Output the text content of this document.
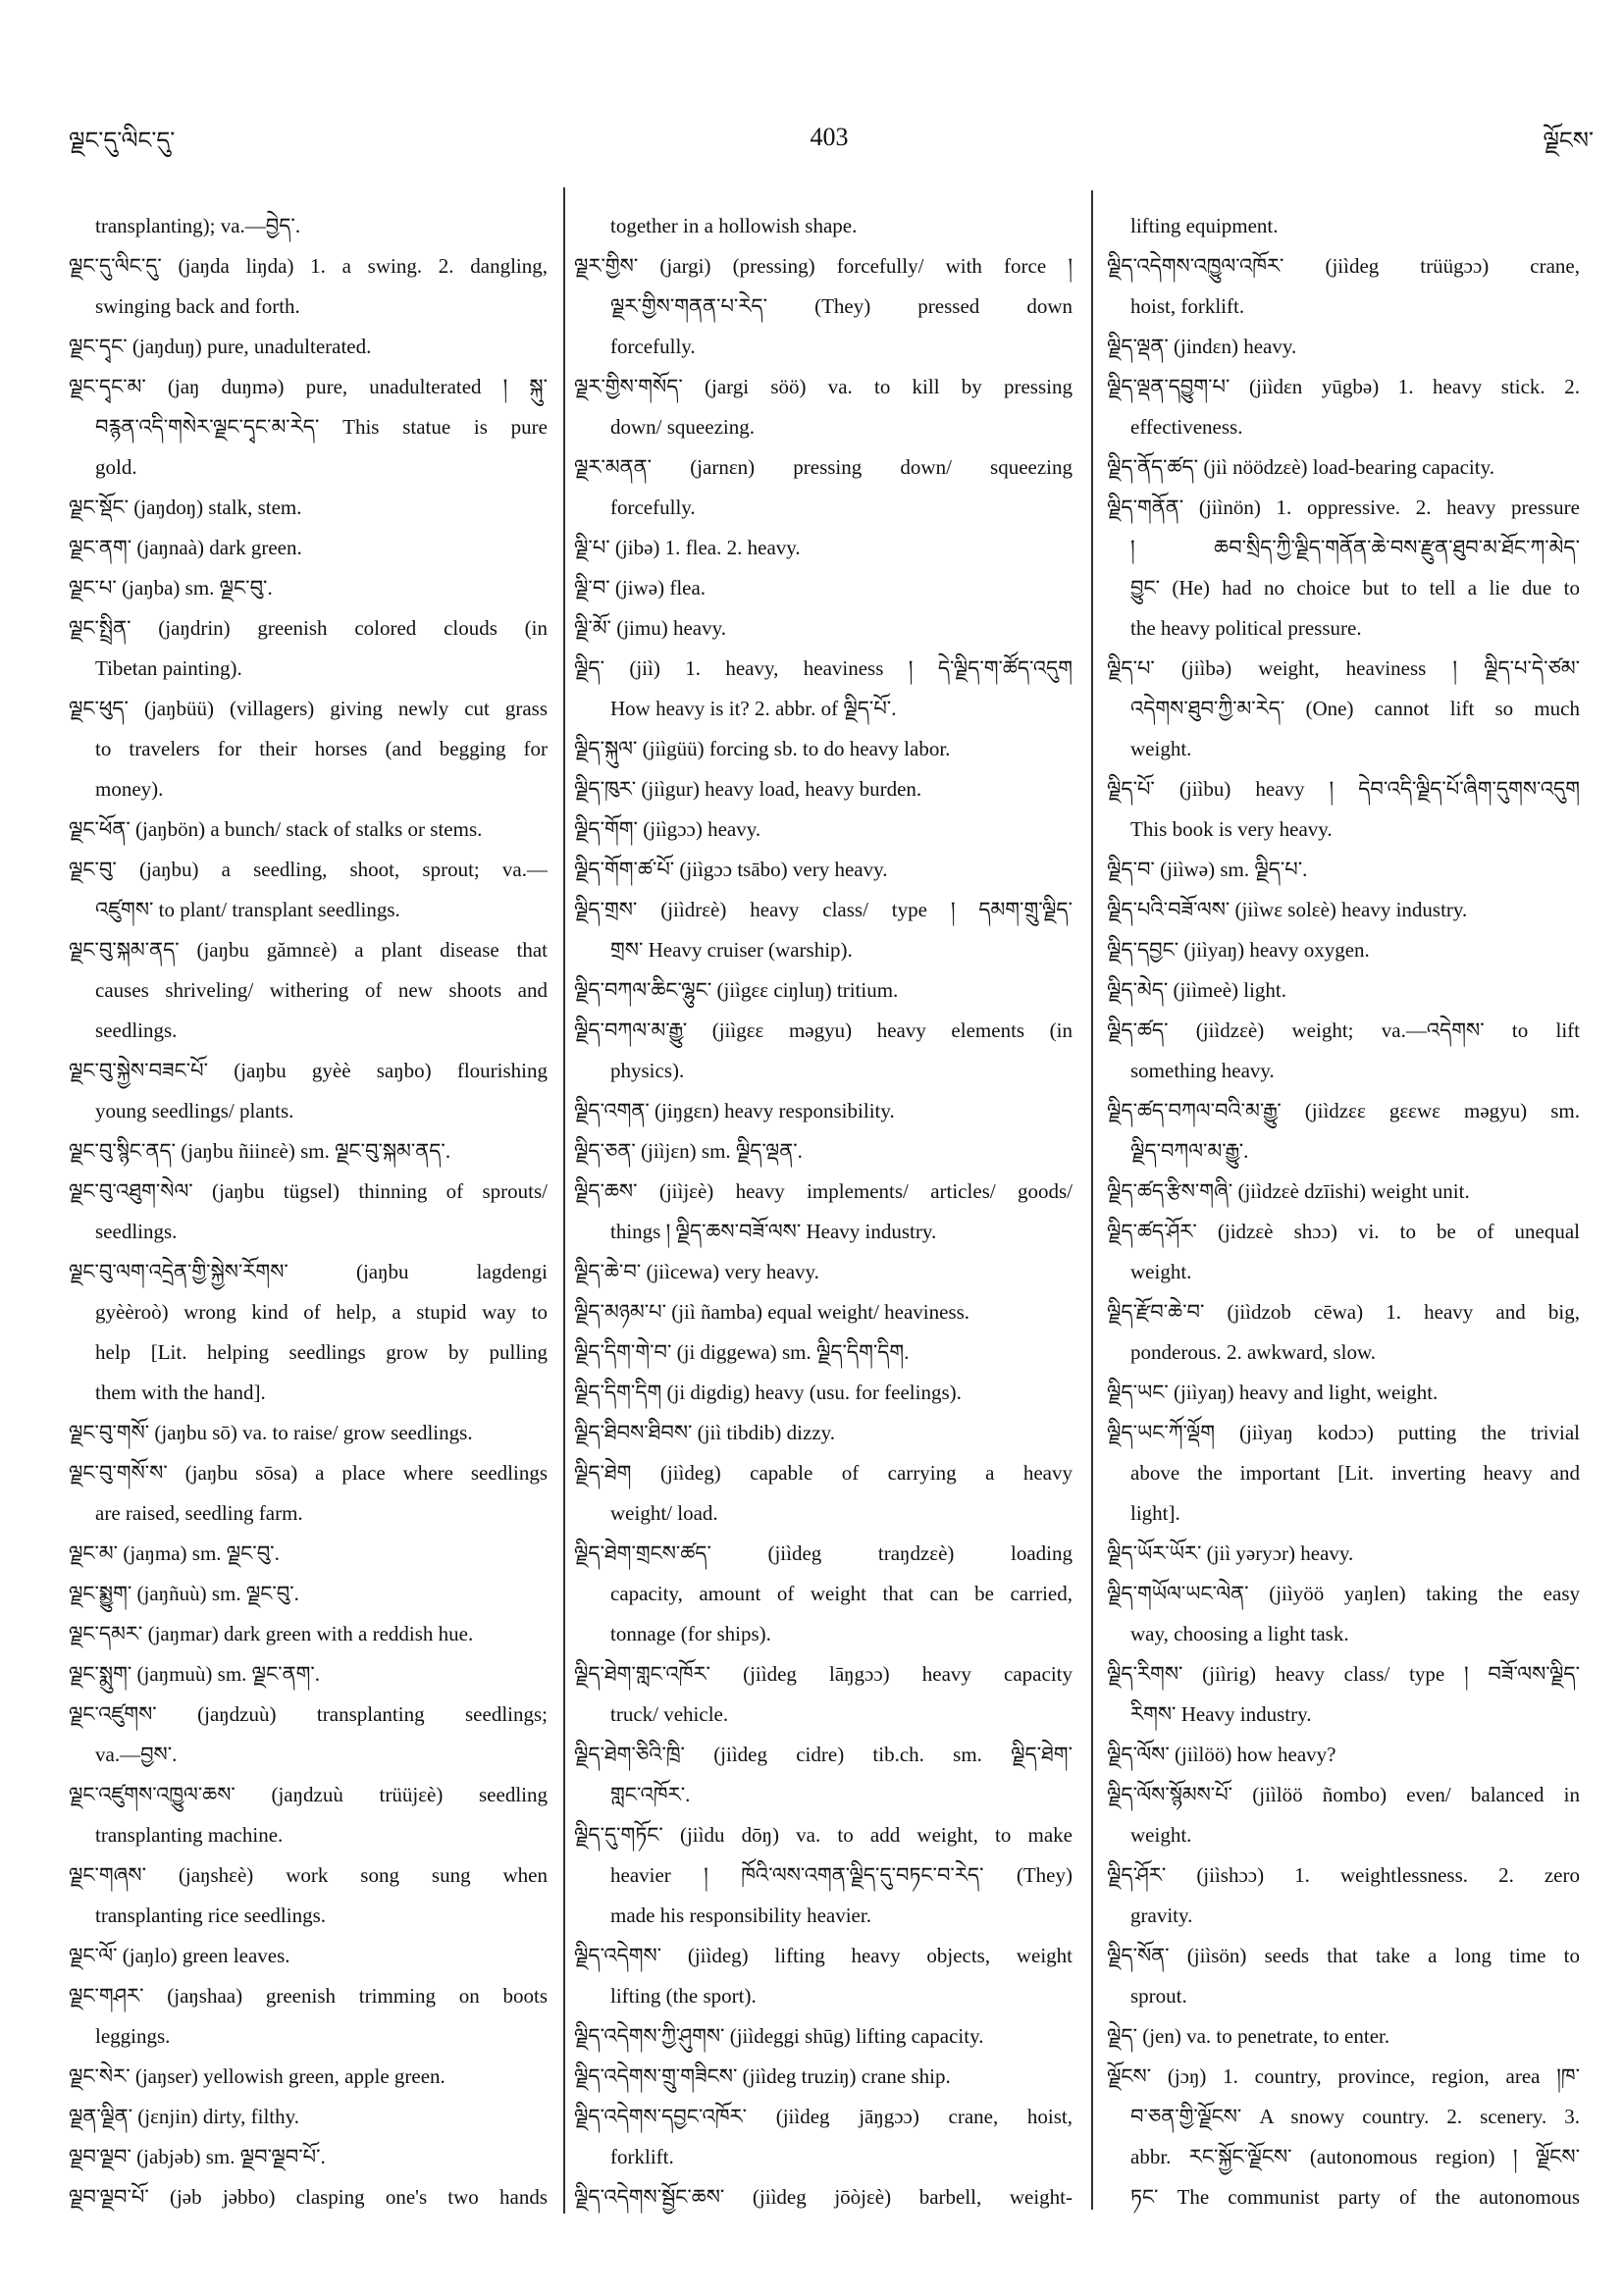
ལྗང་དུ་ལིང་དུ་	403	ལྗོངས་
transplanting); va.—བྱེད་.
ལྗང་དུ་ལིང་དུ་ (jaŋda liŋda) 1. a swing. 2. dangling,
swinging back and forth.
ལྗང་དྭང་ (jaŋduŋ) pure, unadulterated.
ལྗང་དྭང་མ་ (jaŋ duŋmə) pure, unadulterated ། སྐུ་
བརྙན་འདི་གསེར་ལྗང་དྭང་མ་རེད་ This statue is pure
gold.
ལྗང་སྡོང་ (jaŋdoŋ) stalk, stem.
ལྗང་ནག་ (jaŋnaà) dark green.
ལྗང་པ་ (jaŋba) sm. ལྗང་བུ་.
ལྗང་སྤྲིན་ (jaŋdrin) greenish colored clouds (in
Tibetan painting).
ལྗང་ཕུད་ (jaŋbüü) (villagers) giving newly cut grass
to travelers for their horses (and begging for
money).
ལྗང་ཕོན་ (jaŋbön) a bunch/ stack of stalks or stems.
ལྗང་བུ་ (jaŋbu) a seedling, shoot, sprout; va.—
འཛུགས་ to plant/ transplant seedlings.
ལྗང་བུ་སྐམ་ནད་ (jaŋbu gămnɛè) a plant disease that
causes shriveling/ withering of new shoots and
seedlings.
ལྗང་བུ་སྐྱེས་བཟང་པོ་ (jaŋbu gyèè saŋbo) flourishing
young seedlings/ plants.
ལྗང་བུ་སྙིང་ནད་ (jaŋbu ñiinɛè) sm. ལྗང་བུ་སྐམ་ནད་.
ལྗང་བུ་འཐུག་སེལ་ (jaŋbu tügsel) thinning of sprouts/
seedlings.
ལྗང་བུ་ལག་འདྲེན་གྱི་སྐྱེས་རོགས་ (jaŋbu lagdengi
gyèèroò) wrong kind of help, a stupid way to
help [Lit. helping seedlings grow by pulling
them with the hand].
ལྗང་བུ་གསོ་ (jaŋbu sō) va. to raise/ grow seedlings.
ལྗང་བུ་གསོ་ས་ (jaŋbu sōsa) a place where seedlings
are raised, seedling farm.
ལྗང་མ་ (jaŋma) sm. ལྗང་བུ་.
ལྗང་སྨྱུག་ (jaŋñuù) sm. ལྗང་བུ་.
ལྗང་དམར་ (jaŋmar) dark green with a reddish hue.
ལྗང་སྨུག་ (jaŋmuù) sm. ལྗང་ནག་.
ལྗང་འཛུགས་ (jaŋdzuù) transplanting seedlings;
va.—བྱས་.
ལྗང་འཛུགས་འཁྱུལ་ཆས་ (jaŋdzuù trüüjɛè) seedling
transplanting machine.
ལྗང་གཞས་ (jaŋshɛè) work song sung when
transplanting rice seedlings.
ལྗང་ལོ་ (jaŋlo) green leaves.
ལྗང་གཤར་ (jaŋshaa) greenish trimming on boots
leggings.
ལྗང་སེར་ (jaŋser) yellowish green, apple green.
ལྗན་ལྗིན་ (jɛnjin) dirty, filthy.
ལྗབ་ལྗབ་ (jabjəb) sm. ལྗབ་ལྗབ་པོ་.
ལྗབ་ལྗབ་པོ་ (jəb jəbbo) clasping one's two hands
together in a hollowish shape.
ལྗར་གྱིས་ (jargi) (pressing) forcefully/ with force །
ལྗར་གྱིས་གནན་པ་རེད་ (They) pressed down
forcefully.
ལྗར་གྱིས་གསོད་ (jargi söö) va. to kill by pressing
down/ squeezing.
ལྗར་མནན་ (jarnɛn) pressing down/ squeezing
forcefully.
ལྗི་པ་ (jibə) 1. flea. 2. heavy.
ལྗི་བ་ (jiwə) flea.
ལྗི་མོ་ (jimu) heavy.
ལྗིད་ (jiì) 1. heavy, heaviness ། དེ་ལྗིད་ག་ཚོད་འདུག
How heavy is it? 2. abbr. of ལྗིད་པོ་.
ལྗིད་སྐུལ་ (jiìgüü) forcing sb. to do heavy labor.
ལྗིད་ཁུར་ (jiìgur) heavy load, heavy burden.
ལྗིད་གོག་ (jiìgɔɔ) heavy.
ལྗིད་གོག་ཚ་པོ་ (jiìgɔɔ tsābo) very heavy.
ལྗིད་གྲས་ (jiìdrɛè) heavy class/ type ། དམག་གྲུ་ལྗིད་
གྲས་ Heavy cruiser (warship).
ལྗིད་བཀལ་ཆིང་ལྷུང་ (jiìgɛɛ ciŋluŋ) tritium.
ལྗིད་བཀལ་མ་རྒྱུ་ (jiìgɛɛ məgyu) heavy elements (in
physics).
ལྗིད་འགན་ (jiŋgɛn) heavy responsibility.
ལྗིད་ཅན་ (jiìjɛn) sm. ལྗིད་ལྡན་.
ལྗིད་ཆས་ (jiìjɛè) heavy implements/ articles/ goods/
things ། ལྗིད་ཆས་བཟོ་ལས་ Heavy industry.
ལྗིད་ཆེ་བ་ (jiìcewa) very heavy.
ལྗིད་མཉམ་པ་ (jiì ñamba) equal weight/ heaviness.
ལྗིད་དིག་གེ་བ་ (ji diggewa) sm. ལྗིད་དིག་དིག.
ལྗིད་དིག་དིག (ji digdig) heavy (usu. for feelings).
ལྗིད་ཐིབས་ཐིབས་ (jiì tibdib) dizzy.
ལྗིད་ཐེག (jiìdeg) capable of carrying a heavy
weight/ load.
ལྗིད་ཐེག་གྲངས་ཚད་ (jiìdeg traŋdzɛè) loading
capacity, amount of weight that can be carried,
tonnage (for ships).
ལྗིད་ཐེག་གླང་འཁོར་ (jiìdeg lāŋgɔɔ) heavy capacity
truck/ vehicle.
ལྗིད་ཐེག་ཅིའི་ཁྲི་ (jiìdeg cidre) tib.ch. sm. ལྗིད་ཐེག་
གླང་འཁོར་.
ལྗིད་དུ་གཏོང་ (jiìdu dōŋ) va. to add weight, to make
heavier ། ཁོའི་ལས་འགན་ལྗིད་དུ་བཏང་བ་རེད་ (They)
made his responsibility heavier.
ལྗིད་འདེགས་ (jiìdeg) lifting heavy objects, weight
lifting (the sport).
ལྗིད་འདེགས་ཀྱི་ཤུགས་ (jiìdeggi shūg) lifting capacity.
ལྗིད་འདེགས་གྲུ་གཟིངས་ (jiìdeg truziŋ) crane ship.
ལྗིད་འདེགས་དབྱང་འཁོར་ (jiìdeg jāŋgɔɔ) crane, hoist,
forklift.
ལྗིད་འདེགས་སྦྱོང་ཆས་ (jiìdeg jōòjɛè) barbell, weight-
lifting equipment.
ལྗིད་འདེགས་འཁྱུལ་འཁོར་ (jiìdeg trüügɔɔ) crane,
hoist, forklift.
ལྗིད་ལྡན་ (jindɛn) heavy.
ལྗིད་ལྡན་དབྱུག་པ་ (jiìdɛn yūgbə) 1. heavy stick. 2.
effectiveness.
ལྗིད་ནོད་ཚད་ (jiì nöödzɛè) load-bearing capacity.
ལྗིད་གནོན་ (jiìnön) 1. oppressive. 2. heavy pressure
། ཆབ་སྲིད་ཀྱི་ལྗིད་གནོན་ཆེ་བས་རྫུན་ཐུབ་མ་ཐོང་ཀ་མེད་
བྱུང་ (He) had no choice but to tell a lie due to
the heavy political pressure.
ལྗིད་པ་ (jiìbə) weight, heaviness ། ལྗིད་པ་དེ་ཙམ་
འདེགས་ཐུབ་ཀྱི་མ་རེད་ (One) cannot lift so much
weight.
ལྗིད་པོ་ (jiìbu) heavy ། དེབ་འདི་ལྗིད་པོ་ཞིག་དུགས་འདུག
This book is very heavy.
ལྗིད་བ་ (jiìwə) sm. ལྗིད་པ་.
ལྗིད་པའི་བཟོ་ལས་ (jiìwɛ solɛè) heavy industry.
ལྗིད་དབྱང་ (jiìyaŋ) heavy oxygen.
ལྗིད་མེད་ (jiìmeè) light.
ལྗིད་ཚད་ (jiìdzɛè) weight; va.—འདེགས་ to lift
something heavy.
ལྗིད་ཚད་བཀལ་བའི་མ་རྒྱུ་ (jiìdzɛɛ gɛɛwɛ məgyu) sm.
ལྗིད་བཀལ་མ་རྒྱུ་.
ལྗིད་ཚད་རྩིས་གཞི་ (jiìdzɛè dzīishi) weight unit.
ལྗིད་ཚད་ཤོར་ (jidzɛè shɔɔ) vi. to be of unequal
weight.
ལྗིད་རྫོབ་ཆེ་བ་ (jiìdzob cēwa) 1. heavy and big,
ponderous. 2. awkward, slow.
ལྗིད་ཡང་ (jiìyaŋ) heavy and light, weight.
ལྗིད་ཡང་ཀོ་ལྡོག (jiìyaŋ kodɔɔ) putting the trivial
above the important [Lit. inverting heavy and
light].
ལྗིད་ཡོར་ཡོར་ (jiì yəryɔr) heavy.
ལྗིད་གཡོལ་ཡང་ལེན་ (jiìyöö yaŋlen) taking the easy
way, choosing a light task.
ལྗིད་རིགས་ (jiìrig) heavy class/ type ། བཟོ་ལས་ལྗིད་
རིགས་ Heavy industry.
ལྗིད་ལོས་ (jiìlöö) how heavy?
ལྗིད་ལོས་སྙོམས་པོ་ (jiìlöö ñombo) even/ balanced in
weight.
ལྗིད་ཤོར་ (jiìshɔɔ) 1. weightlessness. 2. zero
gravity.
ལྗིད་སོན་ (jiìsön) seeds that take a long time to
sprout.
ལྗེད་ (jen) va. to penetrate, to enter.
ལྗོངས་ (jɔŋ) 1. country, province, region, area །ཁ་
བ་ཅན་གྱི་ལྗོངས་ A snowy country. 2. scenery. 3.
abbr. རང་སྐྱོང་ལྗོངས་ (autonomous region) ། ལྗོངས་
ཏང་ The communist party of the autonomous
